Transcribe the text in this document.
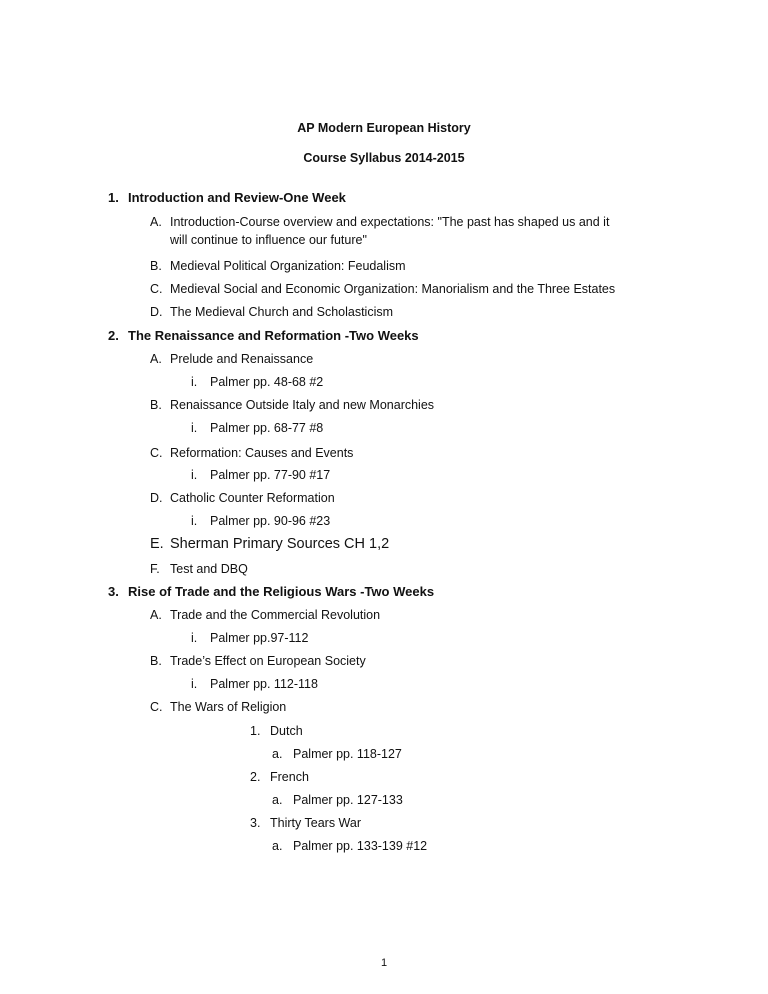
AP Modern European History
Course Syllabus 2014-2015
1. Introduction and Review-One Week
A. Introduction-Course overview and expectations: "The past has shaped us and it
will continue to influence our future"
B. Medieval Political Organization: Feudalism
C. Medieval Social and Economic Organization: Manorialism and the Three Estates
D. The Medieval Church and Scholasticism
2. The Renaissance and Reformation -Two Weeks
A. Prelude and Renaissance
i. Palmer pp. 48-68 #2
B. Renaissance Outside Italy and new Monarchies
i. Palmer pp. 68-77 #8
C. Reformation: Causes and Events
i. Palmer pp. 77-90 #17
D. Catholic Counter Reformation
i. Palmer pp. 90-96 #23
E. Sherman Primary Sources CH 1,2
F. Test and DBQ
3. Rise of Trade and the Religious Wars -Two Weeks
A. Trade and the Commercial Revolution
i. Palmer pp.97-112
B. Trade’s Effect on European Society
i. Palmer pp. 112-118
C. The Wars of Religion
1. Dutch
a. Palmer pp. 118-127
2. French
a. Palmer pp. 127-133
3. Thirty Tears War
a. Palmer pp. 133-139 #12
1
